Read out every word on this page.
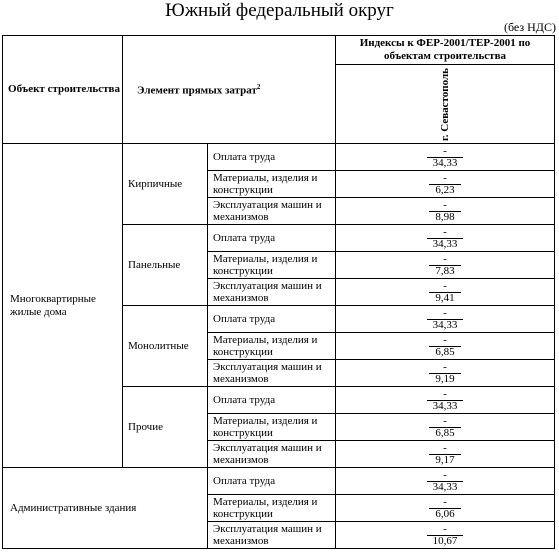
Южный федеральный округ
(без НДС)
Объект строительства	Элемент прямых затрат$^2$		Индексы к ФЕР-2001/ТЕР-2001 по объектам строительства

			г. Севастополь

Многоквартирные жилые дома	Кирпичные	Оплата труда	$\frac{-}{34,33}$

		Материалы, изделия и конструкции	$\frac{-}{6,23}$

		Эксплуатация машин и механизмов	$\frac{-}{8,98}$

	Панельные	Оплата труда	$\frac{-}{34,33}$

		Материалы, изделия и конструкции	$\frac{-}{7,83}$

		Эксплуатация машин и механизмов	$\frac{-}{9,41}$

	Монолитные	Оплата труда	$\frac{-}{34,33}$

		Материалы, изделия и конструкции	$\frac{-}{6,85}$

		Эксплуатация машин и механизмов	$\frac{-}{9,19}$

	Прочие	Оплата труда	$\frac{-}{34,33}$

		Материалы, изделия и конструкции	$\frac{-}{6,85}$

		Эксплуатация машин и механизмов	$\frac{-}{9,17}$

Административные здания		Оплата труда	$\frac{-}{34,33}$

		Материалы, изделия и конструкции	$\frac{-}{6,06}$

		Эксплуатация машин и механизмов	$\frac{-}{10,67}$
